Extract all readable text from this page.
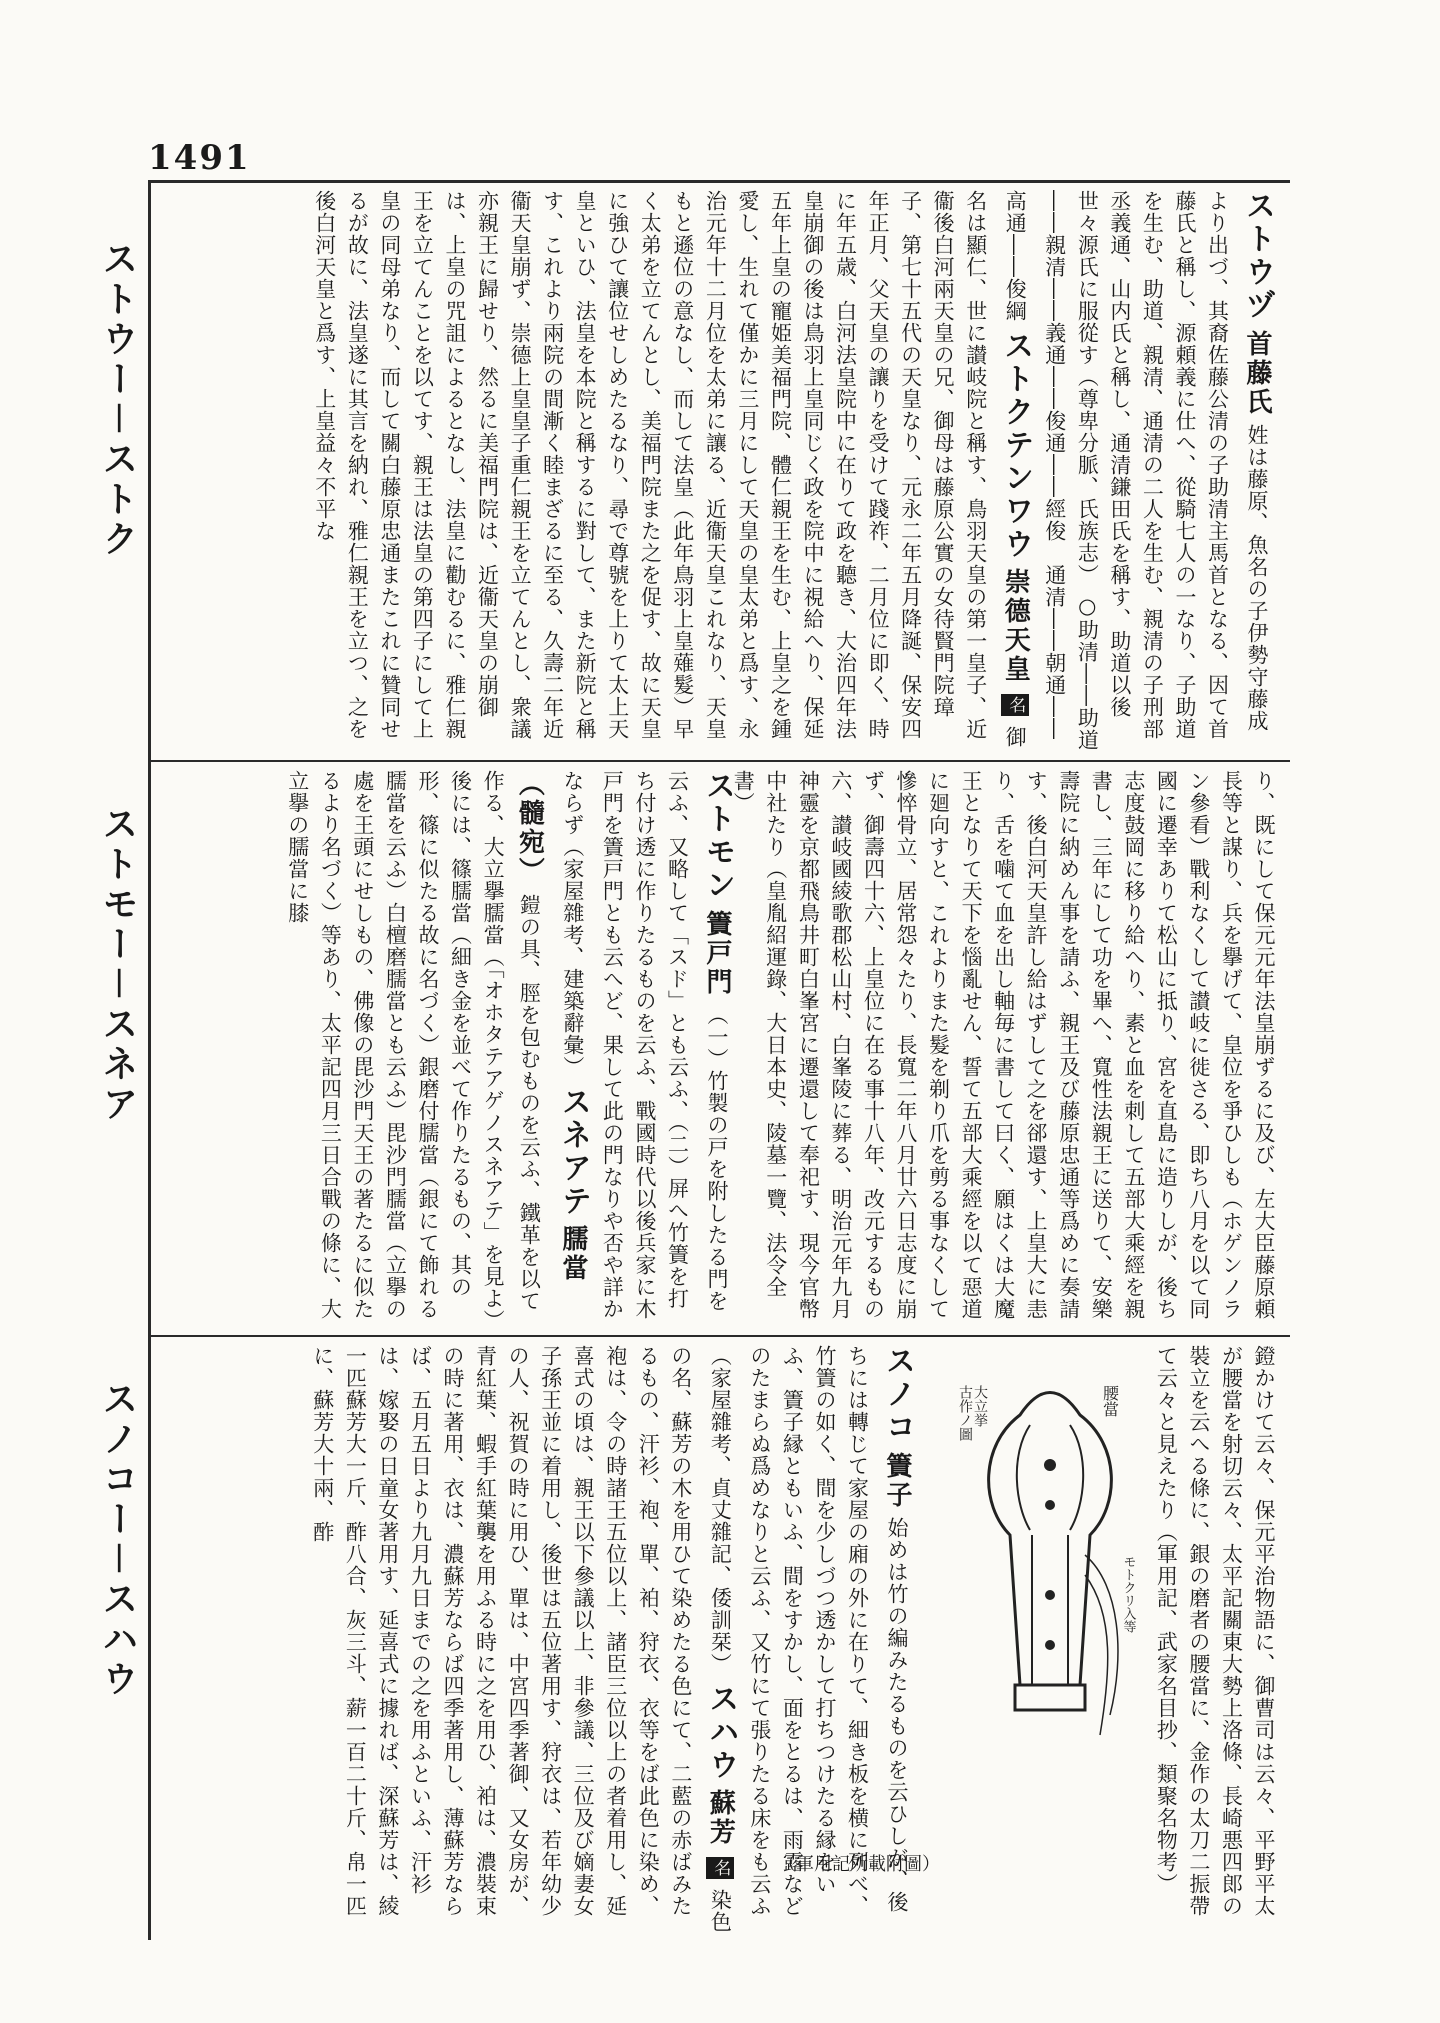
1491
ストウー－ストク
ストモー－スネア
スノコー－スハウ
ストウヅ 首藤氏 姓は藤原、魚名の子伊勢守藤成より出づ、其裔佐藤公清の子助清主馬首となる、因て首藤氏と稱し、源頼義に仕へ、從騎七人の一なり、子助道を生む、助道、親清、通清の二人を生む、親清の子刑部丞義通、山内氏と稱し、通清鎌田氏を稱す、助道以後世々源氏に服從す（尊卑分脈、氏族志） ○助清――助道――親清――義通――俊通――經俊　通清――朝通――高通――俊綱 ストクテンワウ 崇德天皇 名 御名は顯仁、世に讃岐院と稱す、鳥羽天皇の第一皇子、近衞後白河兩天皇の兄、御母は藤原公實の女待賢門院璋子、第七十五代の天皇なり、元永二年五月降誕、保安四年正月、父天皇の讓りを受けて踐祚、二月位に即く、時に年五歳、白河法皇院中に在りて政を聽き、大治四年法皇崩御の後は鳥羽上皇同じく政を院中に視給へり、保延五年上皇の寵姫美福門院、體仁親王を生む、上皇之を鍾愛し、生れて僅かに三月にして天皇の皇太弟と爲す、永治元年十二月位を太弟に讓る、近衞天皇これなり、天皇もと遜位の意なし、而して法皇（此年鳥羽上皇薙髮）早く太弟を立てんとし、美福門院また之を促す、故に天皇に強ひて讓位せしめたるなり、尋で尊號を上りて太上天皇といひ、法皇を本院と稱するに對して、また新院と稱す、これより兩院の間漸く睦まざるに至る、久壽二年近衞天皇崩ず、崇德上皇皇子重仁親王を立てんとし、衆議亦親王に歸せり、然るに美福門院は、近衞天皇の崩御は、上皇の咒詛によるとなし、法皇に勸むるに、雅仁親王を立てんことを以てす、親王は法皇の第四子にして上皇の同母弟なり、而して關白藤原忠通またこれに贊同せるが故に、法皇遂に其言を納れ、雅仁親王を立つ、之を後白河天皇と爲す、上皇益々不平な
り、既にして保元元年法皇崩ずるに及び、左大臣藤原頼長等と謀り、兵を擧げて、皇位を爭ひしも（ホゲンノラン參看）戰利なくして讃岐に徙さる、即ち八月を以て同國に遷幸ありて松山に抵り、宮を直島に造りしが、後ち志度鼓岡に移り給へり、素と血を刺して五部大乘經を親書し、三年にして功を畢へ、寬性法親王に送りて、安樂壽院に納めん事を請ふ、親王及び藤原忠通等爲めに奏請す、後白河天皇許し給はずして之を郤還す、上皇大に恚り、舌を噛て血を出し軸毎に書して曰く、願はくは大魔王となりて天下を惱亂せん、誓て五部大乘經を以て惡道に廻向すと、これよりまた髮を剃り爪を剪る事なくして慘悴骨立、居常怨々たり、長寬二年八月廿六日志度に崩ず、御壽四十六、上皇位に在る事十八年、改元するもの六、讃岐國綾歌郡松山村、白峯陵に葬る、明治元年九月神靈を京都飛鳥井町白峯宮に遷還して奉祀す、現今官幣中社たり（皇胤紹運錄、大日本史、陵墓一覽、法令全書）
ストモン 簀戸門 （一）竹製の戸を附したる門を云ふ、又略して「スド」とも云ふ、（二）屏へ竹簀を打ち付け透に作りたるものを云ふ、戰國時代以後兵家に木戸門を簀戸門とも云へど、果して此の門なりや否や詳かならず（家屋雜考、建築辭彙） スネアテ 臑當（髓宛） 鎧の具、脛を包むものを云ふ、鐵革を以て作る、大立擧臑當（「オホタテアゲノスネアテ」を見よ）後には、篠臑當（細き金を並べて作りたるもの、其の形、篠に似たる故に名づく）銀磨付臑當（銀にて飾れる臑當を云ふ）白檀磨臑當とも云ふ）毘沙門臑當（立擧の處を王頭にせしもの、佛像の毘沙門天王の著たるに似たるより名づく）等あり、太平記四月三日合戰の條に、大立擧の臑當に膝
鐙かけて云々、保元平治物語に、御曹司は云々、平野平太が腰當を射切云々、太平記關東大勢上洛條、長崎悪四郎の裝立を云へる條に、銀の磨者の腰當に、金作の太刀二振帶て云々と見えたり（軍用記、武家名目抄、類聚名物考）
腰當
大立挙
古作ノ圖
モトクリ入等
（軍用記所載附圖）
スノコ 簀子 始めは竹の編みたるものを云ひしが、後ちには轉じて家屋の廂の外に在りて、細き板を横に列べ、竹簀の如く、間を少しづつ透かして打ちつけたる縁をいふ、簀子縁ともいふ、間をすかし、面をとるは、雨露などのたまらぬ爲めなりと云ふ、又竹にて張りたる床をも云ふ（家屋雜考、貞丈雜記、倭訓栞） スハウ 蘇芳 名 染色の名、蘇芳の木を用ひて染めたる色にて、二藍の赤ばみたるもの、汗衫、袍、單、袙、狩衣、衣等をば此色に染め、袍は、令の時諸王五位以上、諸臣三位以上の者着用し、延喜式の頃は、親王以下參議以上、非參議、三位及び嫡妻女子孫王並に着用し、後世は五位著用す、狩衣は、若年幼少の人、祝賀の時に用ひ、單は、中宮四季著御、又女房が、青紅葉、蝦手紅葉襲を用ふる時に之を用ひ、袙は、濃裝束の時に著用、衣は、濃蘇芳ならば四季著用し、薄蘇芳ならば、五月五日より九月九日までの之を用ふといふ、汗衫は、嫁娶の日童女著用す、延喜式に據れば、深蘇芳は、綾一匹蘇芳大一斤、酢八合、灰三斗、薪一百二十斤、帛一匹に、蘇芳大十兩、酢
